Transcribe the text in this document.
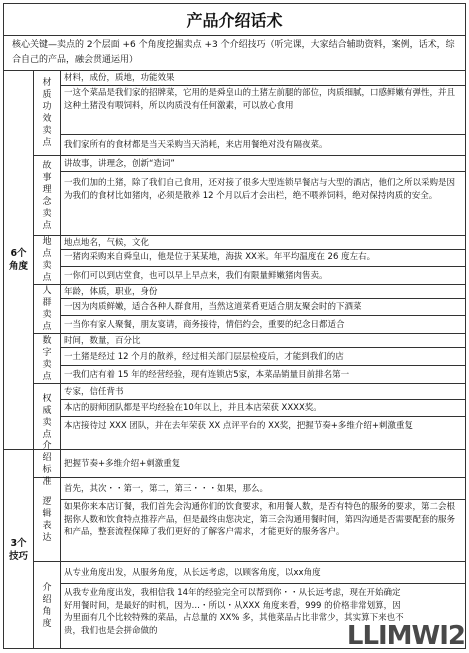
产品介绍话术
核心关键—卖点的 2个层面 +6 个角度挖掘卖点 +3 个介绍技巧（听完课，大家结合辅助资料，案例，话术，综合自己的产品，融会贯通运用）
6个
角度
3个
技巧
材质功效卖点
故事理念卖点
地点卖点
人群卖点
数字卖点
权威卖点
介绍标准
逻辑表达
介绍角度
材料，成份，质地，功能效果
一这个菜品是我们家的招牌菜，它用的是舜皇山的土猪左前腿的部位，肉质细腻，口感鲜嫩有弹性，并且这种土猪没有喂饲料，所以肉质没有任何激素，可以放心食用
我们家所有的食材都是当天采购当天消耗，来店用餐绝对没有隔夜菜。
讲故事，讲理念，创新“造词”
一我们加的土猪，除了我们自己食用，还对接了很多大型连锁早餐店与大型的酒店，他们之所以采购是因为我们的食材比如猪肉，必须是散养 12 个月以后才会出栏，绝不喂养饲料，绝对保持肉质的安全。
地点地名，气候，文化
一猪肉采购来自舜皇山，他是位于某某地，海拔 XX米。年平均温度在 26 度左右。
一你们可以到店堂食，也可以早上早点来，我们有限量鲜嫩猪肉售卖。
年龄，体质，职业，身份
一因为肉质鲜嫩，适合各种人群食用，当然这道菜肴更适合朋友聚会时的下酒菜
一当你有家人聚餐，朋友宴请，商务接待，情侣约会，重要的纪念日都适合
时间，数量，百分比
一土猪是经过 12 个月的散养，经过相关部门层层检疫后，才能到我们的店
一我们店有着 15 年的经营经验，现有连锁店5家，本菜品销量目前排名第一
专家，信任背书
本店的厨师团队都是平均经验在10年以上，并且本店荣获 XXXX奖。
本店接待过 XXX 团队，并在去年荣获 XX 点评平台的 XX奖，把握节奏+多维介绍+刺激重复
把握节奏+多维介绍+刺激重复
首先，其次・・第一，第二，第三・・・如果，那么。
如果你来本店订餐，我们首先会沟通你们的饮食要求，和用餐人数，是否有特色的服务的要求，第二会根据你人数和饮食特点推荐产品，但是最终由您决定，第三会沟通用餐时间，第四沟通是否需要配套的服务和产品，整套流程保障了我们更好的了解客户需求，才能更好的服务客户。
从专业角度出发，从服务角度，从长远考虑，以顾客角度，以xx角度
从我专业角度出发，我相信我 14年的经验完全可以帮到你・・从长远考虑，现在开始确定好用餐时间，是最好的时机，因为…・所以・从XXX 角度来看，999 的价格非常划算，因为里面有几个比较特殊的菜品，占总量的 XX% 多，其他菜品占比非常少，其实算下来也不贵，我们也是会拼命做的	LLIMWI2
